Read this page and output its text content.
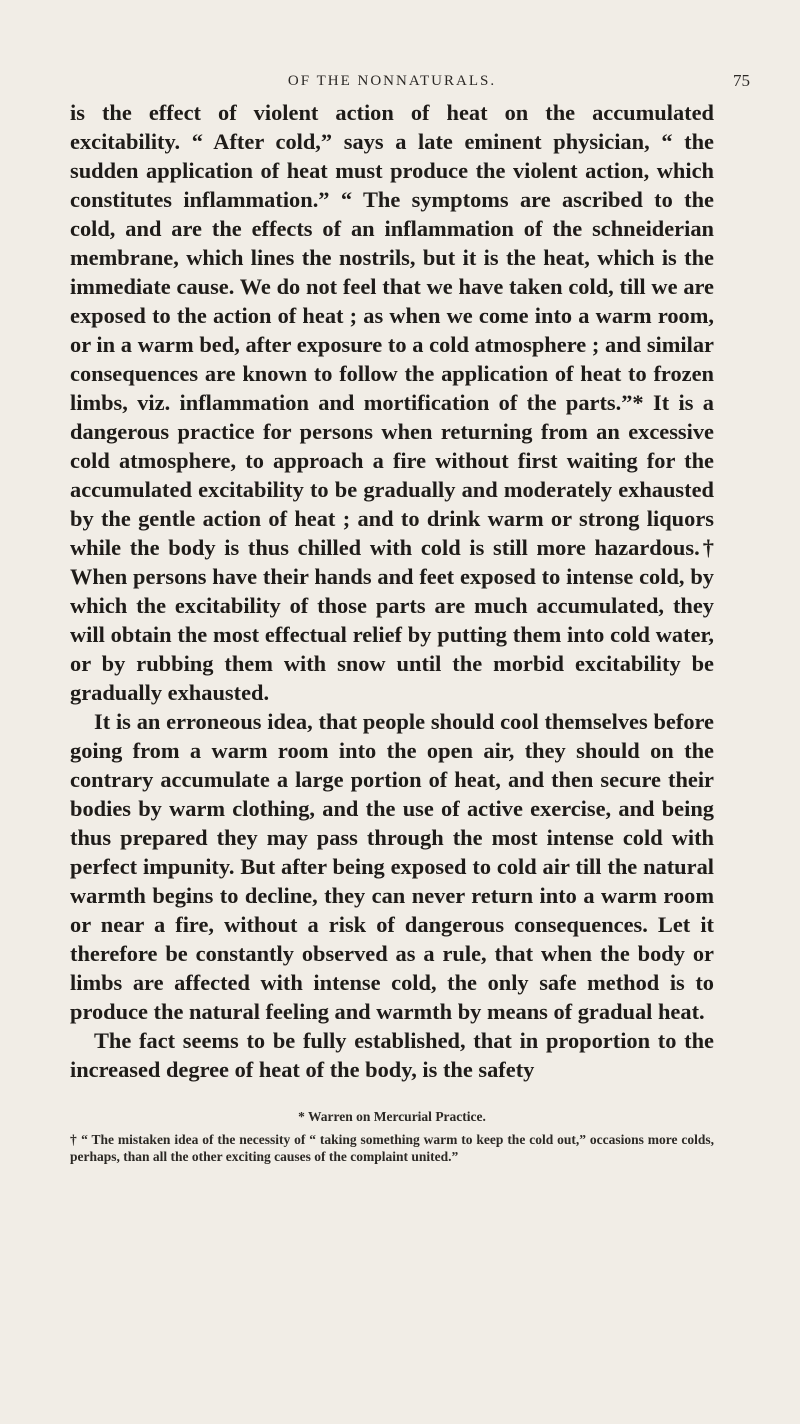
OF THE NONNATURALS.	75

is the effect of violent action of heat on the accumulated excitability. “ After cold,” says a late eminent physician, “ the sudden application of heat must produce the violent action, which constitutes inflammation.” “ The symptoms are ascribed to the cold, and are the effects of an inflammation of the schneiderian membrane, which lines the nostrils, but it is the heat, which is the immediate cause. We do not feel that we have taken cold, till we are exposed to the action of heat ; as when we come into a warm room, or in a warm bed, after exposure to a cold atmosphere ; and similar consequences are known to follow the application of heat to frozen limbs, viz. inflammation and mortification of the parts.”* It is a dangerous practice for persons when returning from an excessive cold atmosphere, to approach a fire without first waiting for the accumulated excitability to be gradually and moderately exhausted by the gentle action of heat ; and to drink warm or strong liquors while the body is thus chilled with cold is still more hazardous.† When persons have their hands and feet exposed to intense cold, by which the excitability of those parts are much accumulated, they will obtain the most effectual relief by putting them into cold water, or by rubbing them with snow until the morbid excitability be gradually exhausted.

It is an erroneous idea, that people should cool themselves before going from a warm room into the open air, they should on the contrary accumulate a large portion of heat, and then secure their bodies by warm clothing, and the use of active exercise, and being thus prepared they may pass through the most intense cold with perfect impunity. But after being exposed to cold air till the natural warmth begins to decline, they can never return into a warm room or near a fire, without a risk of dangerous consequences. Let it therefore be constantly observed as a rule, that when the body or limbs are affected with intense cold, the only safe method is to produce the natural feeling and warmth by means of gradual heat.

The fact seems to be fully established, that in proportion to the increased degree of heat of the body, is the safety

* Warren on Mercurial Practice.
† “ The mistaken idea of the necessity of “ taking something warm to keep the cold out,” occasions more colds, perhaps, than all the other exciting causes of the complaint united.”
